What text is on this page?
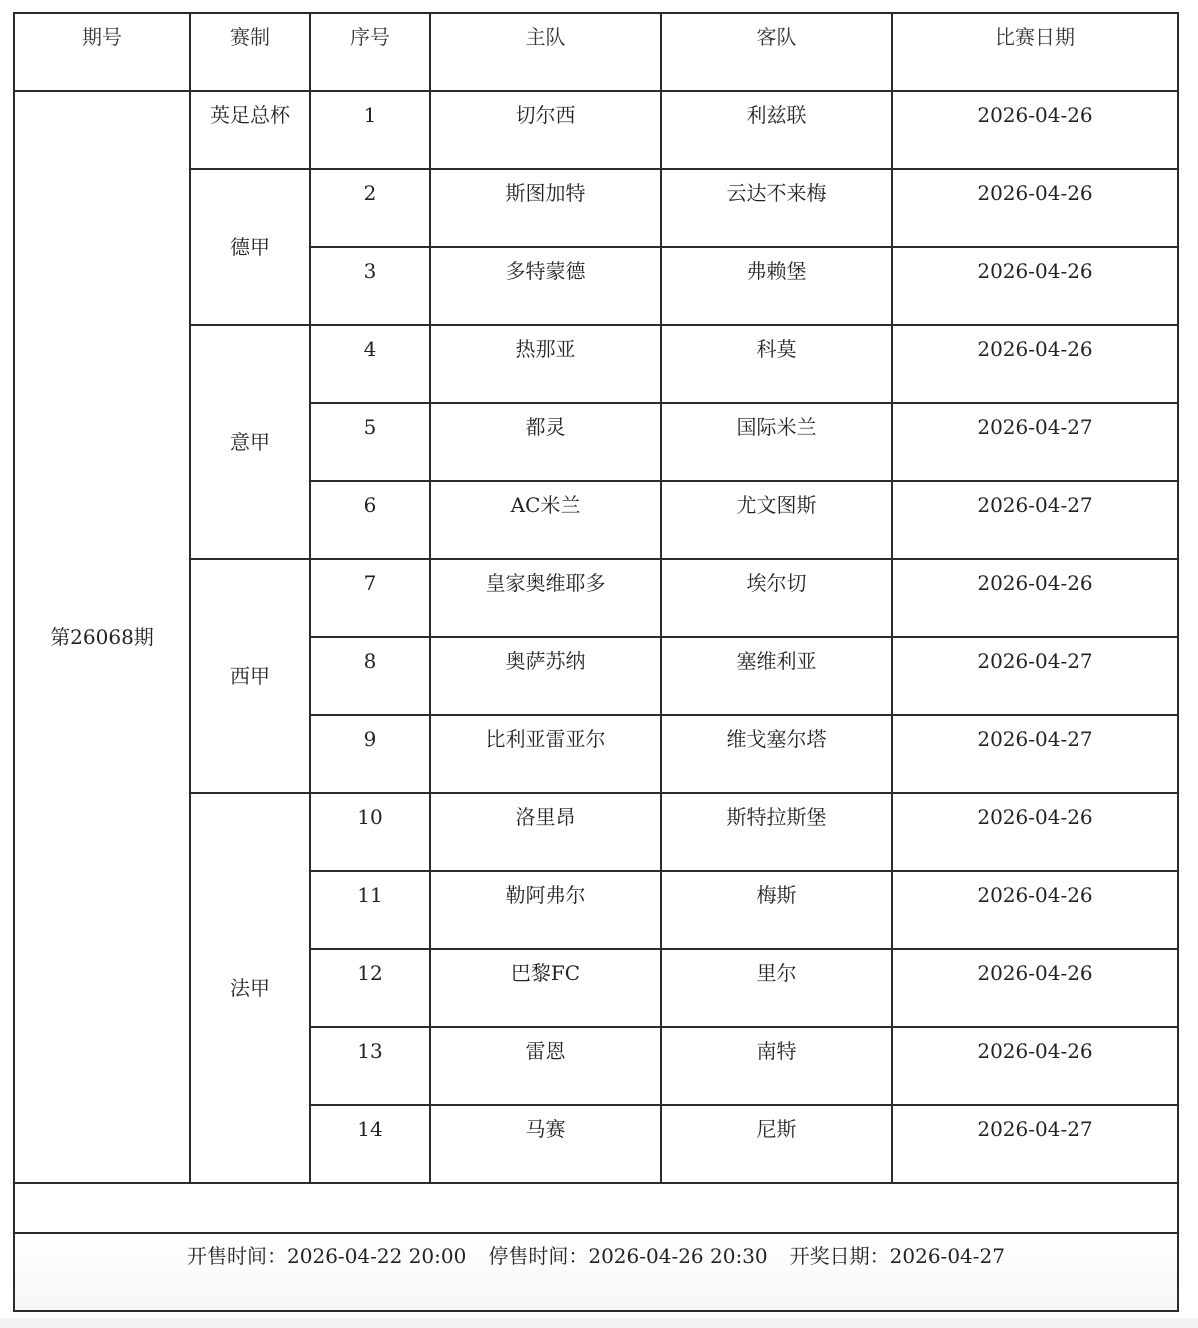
期号	赛制	序号	主队	客队	比赛日期
第26068期	英足总杯	1	切尔西	利兹联	2026-04-26
	德甲	2	斯图加特	云达不来梅	2026-04-26
		3	多特蒙德	弗赖堡	2026-04-26
	意甲	4	热那亚	科莫	2026-04-26
		5	都灵	国际米兰	2026-04-27
		6	AC米兰	尤文图斯	2026-04-27
	西甲	7	皇家奥维耶多	埃尔切	2026-04-26
		8	奥萨苏纳	塞维利亚	2026-04-27
		9	比利亚雷亚尔	维戈塞尔塔	2026-04-27
	法甲	10	洛里昂	斯特拉斯堡	2026-04-26
		11	勒阿弗尔	梅斯	2026-04-26
		12	巴黎FC	里尔	2026-04-26
		13	雷恩	南特	2026-04-26
		14	马赛	尼斯	2026-04-27

开售时间：2026-04-22 20:00 停售时间：2026-04-26 20:30 开奖日期：2026-04-27					
